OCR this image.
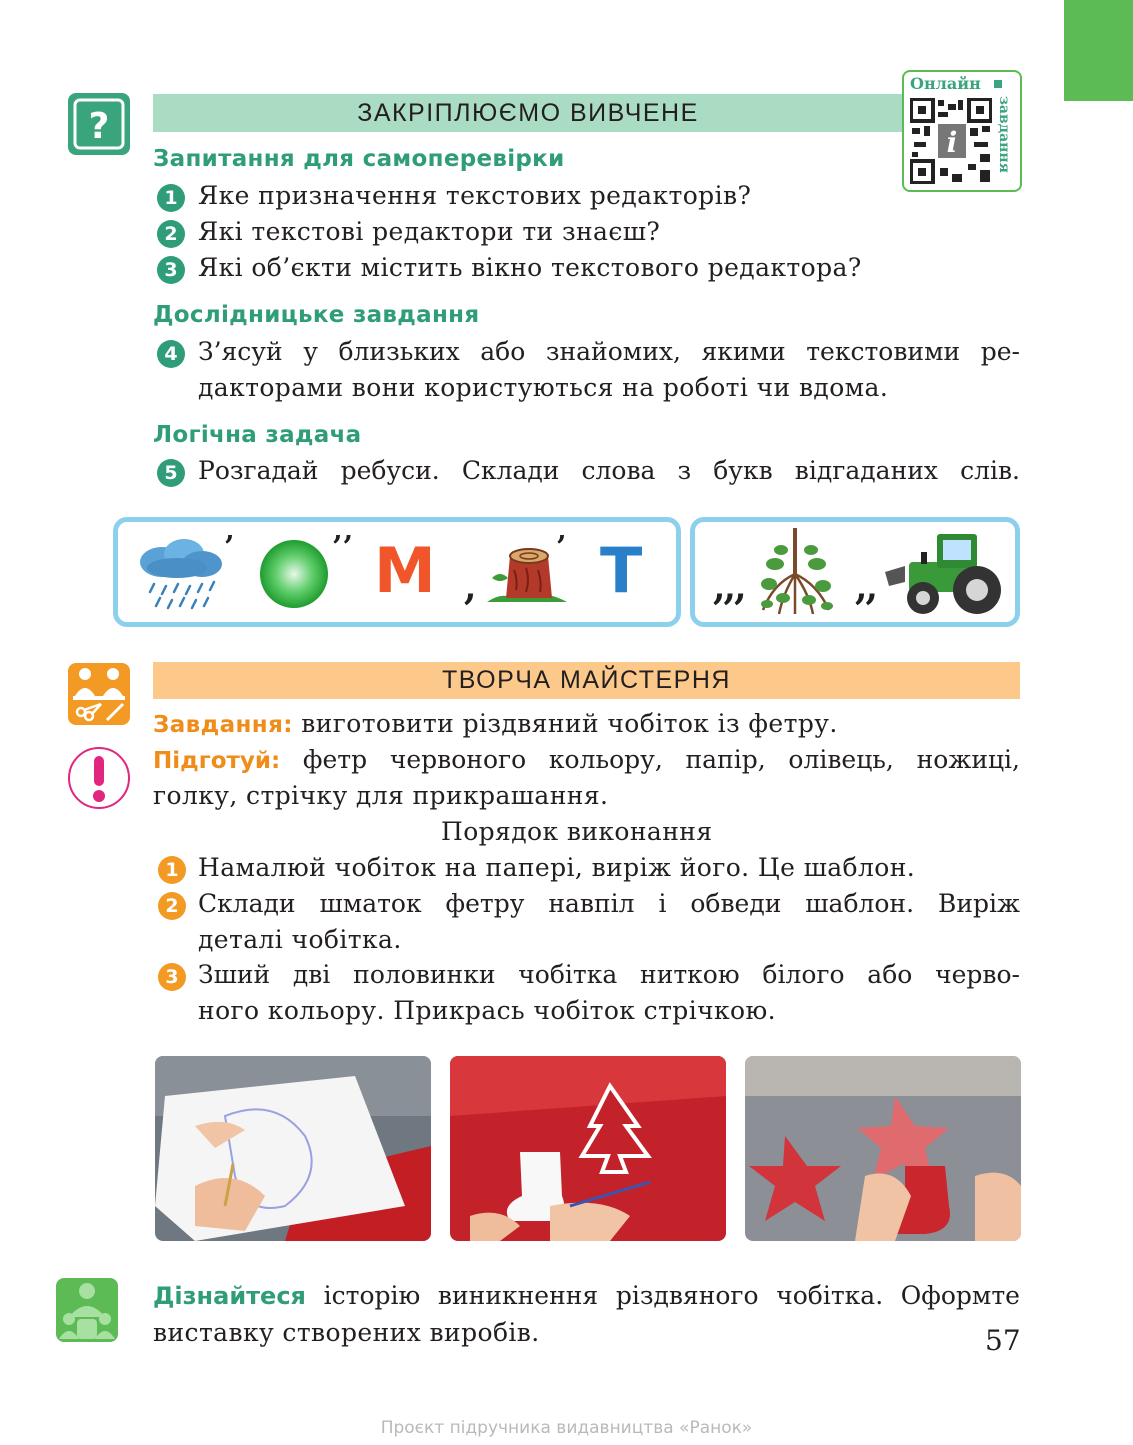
?	ЗАКРІПЛЮЄМО ВИВЧЕНЕ
Онлайн
завдання
i
Запитання для самоперевірки
1 Яке призначення текстових редакторів?
2 Які текстові редактори ти знаєш?
3 Які об’єкти містить вікно текстового редактора?
Дослідницьке завдання
4 З’ясуй у близьких або знайомих, якими текстовими ре-
дакторами вони користуються на роботі чи вдома.
Логічна задача
5 Розгадай ребуси. Склади слова з букв відгаданих слів.
’	’’ М ,
’ Т ,,,	,,
ТВОРЧА МАЙСТЕРНЯ
Завдання: виготовити різдвяний чобіток із фетру.
Підготуй: фетр червоного кольору, папір, олівець, ножиці,
голку, стрічку для прикрашання.
Порядок виконання
1 Намалюй чобіток на папері, виріж його. Це шаблон.
2 Склади шматок фетру навпіл і обведи шаблон. Виріж
деталі чобітка.
3 Зший дві половинки чобітка ниткою білого або черво-
ного кольору. Прикрась чобіток стрічкою.
Дізнайтеся історію виникнення різдвяного чобітка. Оформте
виставку створених виробів.	57
Проєкт підручника видавництва «Ранок»
